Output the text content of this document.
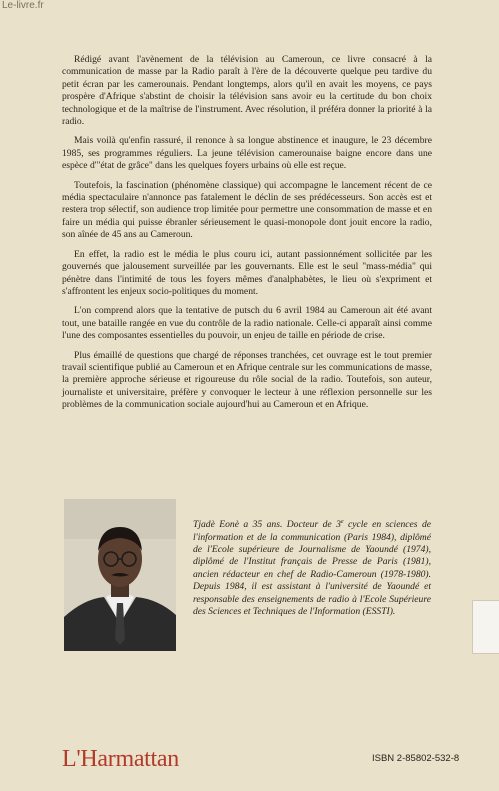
Le-livre.fr

Rédigé avant l'avènement de la télévision au Cameroun, ce livre consacré à la communication de masse par la Radio paraît à l'ère de la découverte quelque peu tardive du petit écran par les camerounais. Pendant longtemps, alors qu'il en avait les moyens, ce pays prospère d'Afrique s'abstint de choisir la télévision sans avoir eu la certitude du bon choix technologique et de la maîtrise de l'instrument. Avec résolution, il préféra donner la priorité à la radio.

Mais voilà qu'enfin rassuré, il renonce à sa longue abstinence et inaugure, le 23 décembre 1985, ses programmes réguliers. La jeune télévision camerounaise baigne encore dans une espèce d'"état de grâce" dans les quelques foyers urbains où elle est reçue.

Toutefois, la fascination (phénomène classique) qui accompagne le lancement récent de ce média spectaculaire n'annonce pas fatalement le déclin de ses prédécesseurs. Son accès est et restera trop sélectif, son audience trop limitée pour permettre une consommation de masse et en faire un média qui puisse ébranler sérieusement le quasi-monopole dont jouit encore la radio, son aînée de 45 ans au Cameroun.

En effet, la radio est le média le plus couru ici, autant passionnément sollicitée par les gouvernés que jalousement surveillée par les gouvernants. Elle est le seul "mass-média" qui pénètre dans l'intimité de tous les foyers mêmes d'analphabètes, le lieu où s'expriment et s'affrontent les enjeux socio-politiques du moment.

L'on comprend alors que la tentative de putsch du 6 avril 1984 au Cameroun ait été avant tout, une bataille rangée en vue du contrôle de la radio nationale. Celle-ci apparaît ainsi comme l'une des composantes essentielles du pouvoir, un enjeu de taille en période de crise.

Plus émaillé de questions que chargé de réponses tranchées, cet ouvrage est le tout premier travail scientifique publié au Cameroun et en Afrique centrale sur les communications de masse, la première approche sérieuse et rigoureuse du rôle social de la radio. Toutefois, son auteur, journaliste et universitaire, préfère y convoquer le lecteur à une réflexion personnelle sur les problèmes de la communication sociale aujourd'hui au Cameroun et en Afrique.

Tjadè Eonè a 35 ans. Docteur de 3e cycle en sciences de l'information et de la communication (Paris 1984), diplômé de l'Ecole supérieure de Journalisme de Yaoundé (1974), diplômé de l'Institut français de Presse de Paris (1981), ancien rédacteur en chef de Radio-Cameroun (1978-1980). Depuis 1984, il est assistant à l'université de Yaoundé et responsable des enseignements de radio à l'Ecole Supérieure des Sciences et Techniques de l'Information (ESSTI).
L'Harmattan	ISBN 2-85802-532-8
